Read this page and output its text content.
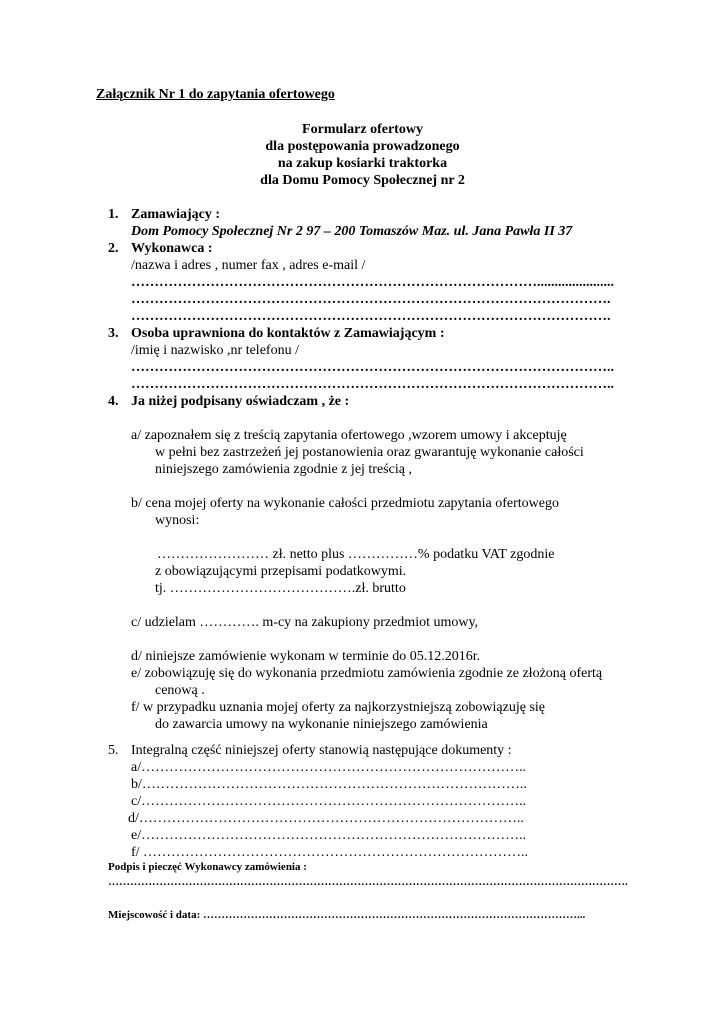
Załącznik Nr 1 do zapytania ofertowego
Formularz ofertowy
dla postępowania prowadzonego
na zakup kosiarki traktorka
dla Domu Pomocy Społecznej nr 2
1. Zamawiający :
Dom Pomocy Społecznej Nr 2 97 – 200 Tomaszów Maz. ul. Jana Pawła II 37
2. Wykonawca :
/nazwa i adres , numer fax , adres e-mail /
……………………………………………………………………………......................
………………………………………………………………………………………….
………………………………………………………………………………………….
3. Osoba uprawniona do kontaktów z Zamawiającym :
/imię i nazwisko ,nr telefonu /
…………………………………………………………………………………………..
…………………………………………………………………………………………..
4. Ja niżej podpisany oświadczam , że :
a/ zapoznałem się z treścią zapytania ofertowego ,wzorem umowy i akceptuję
w pełni bez zastrzeżeń jej postanowienia oraz gwarantuję wykonanie całości
niniejszego zamówienia zgodnie z jej treścią ,
b/ cena mojej oferty na wykonanie całości przedmiotu zapytania ofertowego
wynosi:
…………………… zł. netto plus ……………% podatku VAT zgodnie
z obowiązującymi przepisami podatkowymi.
tj. ………………………………….zł. brutto
c/ udzielam …………. m-cy na zakupiony przedmiot umowy,
d/ niniejsze zamówienie wykonam w terminie do 05.12.2016r.
e/ zobowiązuję się do wykonania przedmiotu zamówienia zgodnie ze złożoną ofertą
cenową .
f/ w przypadku uznania mojej oferty za najkorzystniejszą zobowiązuję się
do zawarcia umowy na wykonanie niniejszego zamówienia
5. Integralną część niniejszej oferty stanowią następujące dokumenty :
a/………………………………………………………………………..
b/………………………………………………………………………..
c/………………………………………………………………………..
d/………………………………………………………………………..
e/………………………………………………………………………..
f/ ………………………………………………………………………..
Podpis i pieczęć Wykonawcy zamówienia :
…………………………………………………………………………………………………………………………….
Miejscowość i data: …………………………………………………………………………………………...
